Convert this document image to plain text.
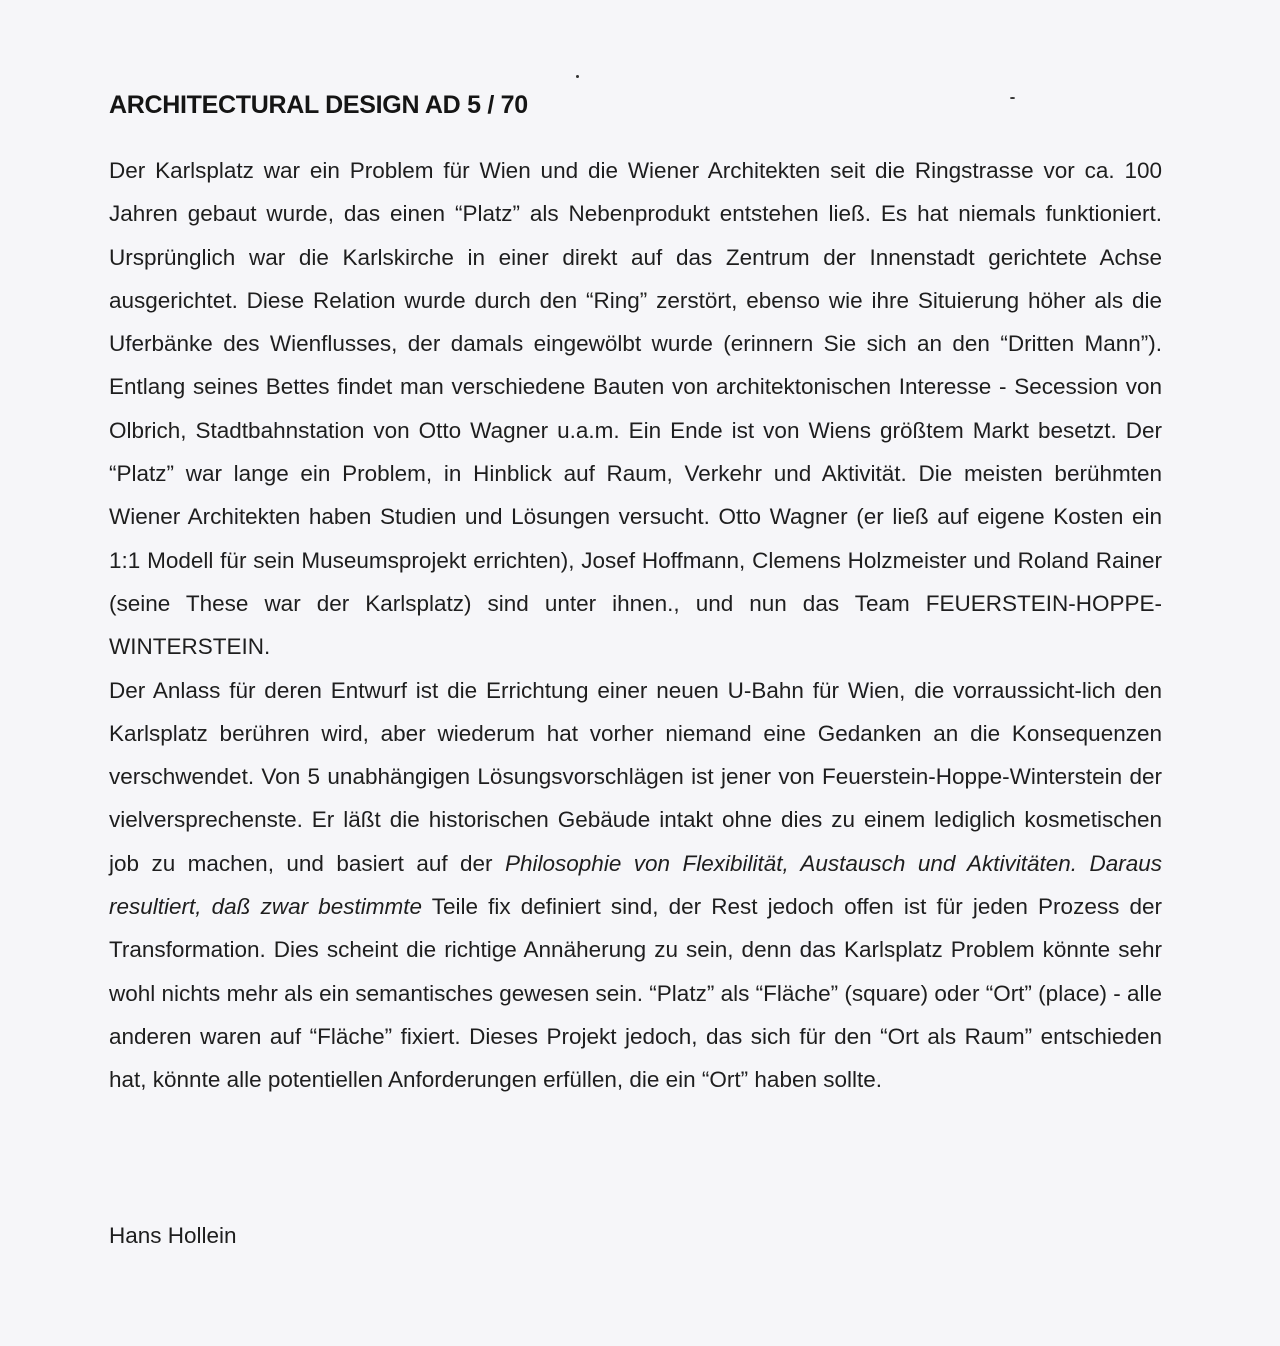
ARCHITECTURAL DESIGN AD 5 / 70

Der Karlsplatz war ein Problem für Wien und die Wiener Architekten seit die Ringstrasse vor ca. 100 Jahren gebaut wurde, das einen “Platz” als Nebenprodukt entstehen ließ. Es hat niemals funktioniert. Ursprünglich war die Karlskirche in einer direkt auf das Zentrum der Innenstadt gerichtete Achse ausgerichtet. Diese Relation wurde durch den “Ring” zerstört, ebenso wie ihre Situierung höher als die Uferbänke des Wienflusses, der damals eingewölbt wurde (erinnern Sie sich an den “Dritten Mann”). Entlang seines Bettes findet man verschiedene Bauten von architektonischen Interesse - Secession von Olbrich, Stadtbahnstation von Otto Wagner u.a.m. Ein Ende ist von Wiens größtem Markt besetzt. Der “Platz” war lange ein Problem, in Hinblick auf Raum, Verkehr und Aktivität. Die meisten berühmten Wiener Architekten haben Studien und Lösungen versucht. Otto Wagner (er ließ auf eigene Kosten ein 1:1 Modell für sein Museumsprojekt errichten), Josef Hoffmann, Clemens Holzmeister und Roland Rainer (seine These war der Karlsplatz) sind unter ihnen., und nun das Team FEUERSTEIN-HOPPE-WINTERSTEIN.

Der Anlass für deren Entwurf ist die Errichtung einer neuen U-Bahn für Wien, die vorraussicht-lich den Karlsplatz berühren wird, aber wiederum hat vorher niemand eine Gedanken an die Konsequenzen verschwendet. Von 5 unabhängigen Lösungsvorschlägen ist jener von Feuerstein-Hoppe-Winterstein der vielversprechenste. Er läßt die historischen Gebäude intakt ohne dies zu einem lediglich kosmetischen job zu machen, und basiert auf der Philosophie von Flexibilität, Austausch und Aktivitäten. Daraus resultiert, daß zwar bestimmte Teile fix definiert sind, der Rest jedoch offen ist für jeden Prozess der Transformation. Dies scheint die richtige Annäherung zu sein, denn das Karlsplatz Problem könnte sehr wohl nichts mehr als ein semantisches gewesen sein. “Platz” als “Fläche” (square) oder “Ort” (place) - alle anderen waren auf “Fläche” fixiert. Dieses Projekt jedoch, das sich für den “Ort als Raum” entschieden hat, könnte alle potentiellen Anforderungen erfüllen, die ein “Ort” haben sollte.

Hans Hollein
